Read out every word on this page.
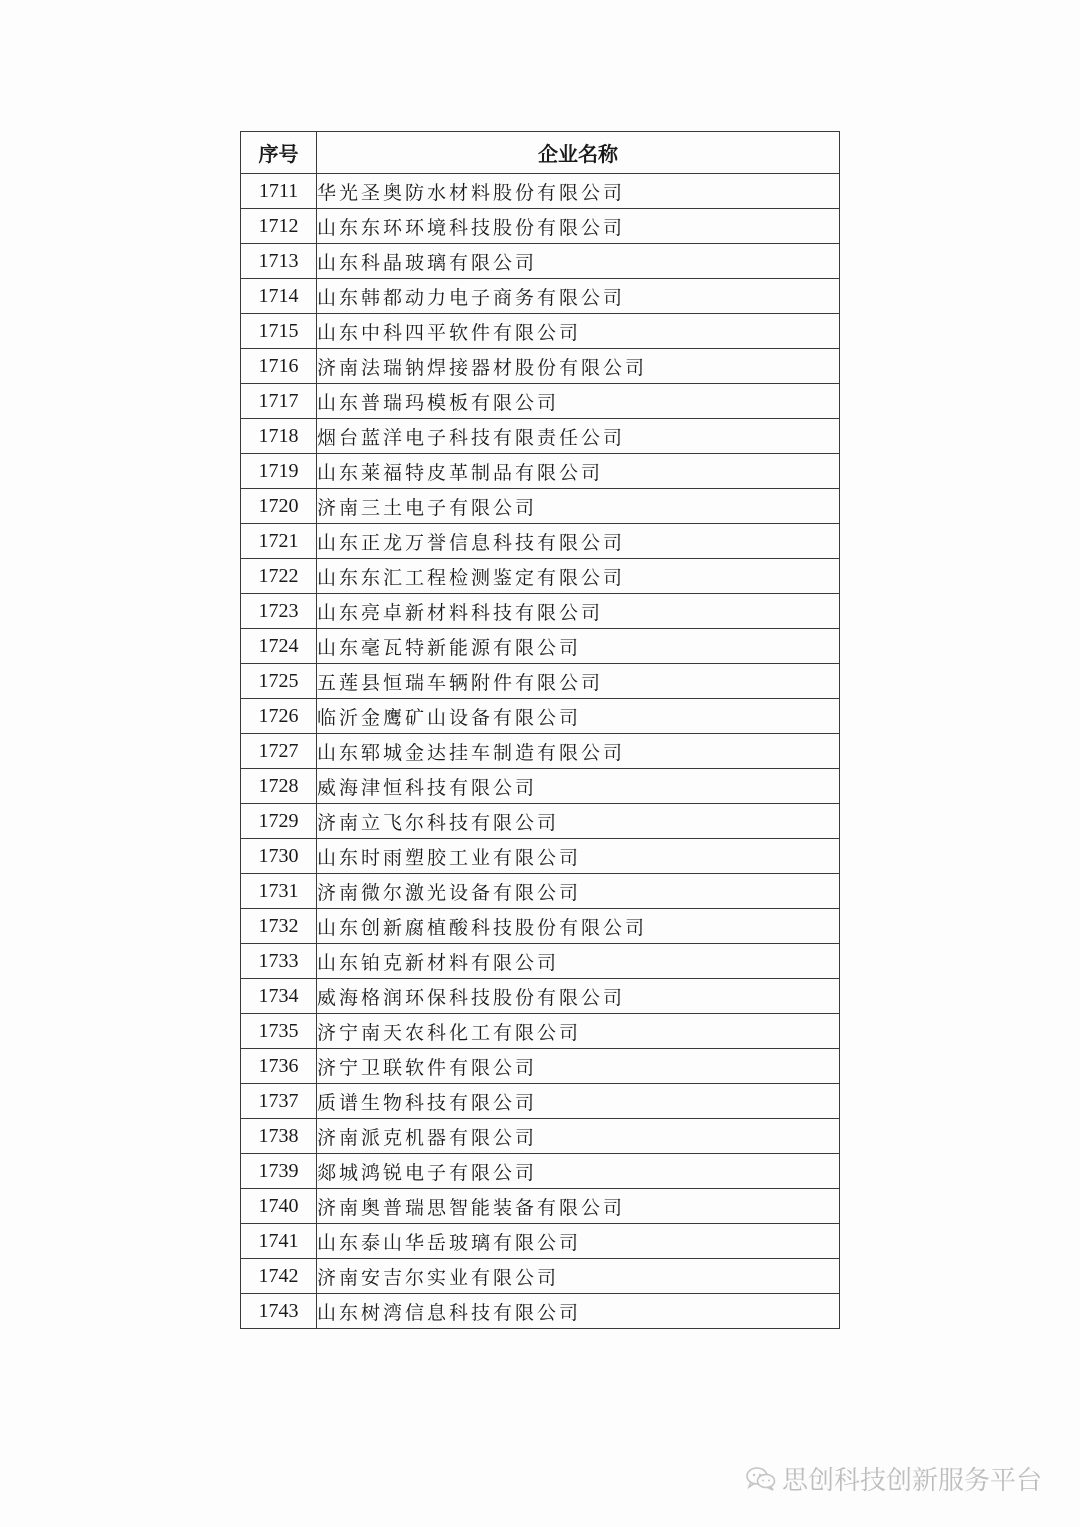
序号	企业名称
1711	华光圣奥防水材料股份有限公司
1712	山东东环环境科技股份有限公司
1713	山东科晶玻璃有限公司
1714	山东韩都动力电子商务有限公司
1715	山东中科四平软件有限公司
1716	济南法瑞钠焊接器材股份有限公司
1717	山东普瑞玛模板有限公司
1718	烟台蓝洋电子科技有限责任公司
1719	山东莱福特皮革制品有限公司
1720	济南三土电子有限公司
1721	山东正龙万誉信息科技有限公司
1722	山东东汇工程检测鉴定有限公司
1723	山东亮卓新材料科技有限公司
1724	山东毫瓦特新能源有限公司
1725	五莲县恒瑞车辆附件有限公司
1726	临沂金鹰矿山设备有限公司
1727	山东郓城金达挂车制造有限公司
1728	威海津恒科技有限公司
1729	济南立飞尔科技有限公司
1730	山东时雨塑胶工业有限公司
1731	济南微尔激光设备有限公司
1732	山东创新腐植酸科技股份有限公司
1733	山东铂克新材料有限公司
1734	威海格润环保科技股份有限公司
1735	济宁南天农科化工有限公司
1736	济宁卫联软件有限公司
1737	质谱生物科技有限公司
1738	济南派克机器有限公司
1739	郯城鸿锐电子有限公司
1740	济南奥普瑞思智能装备有限公司
1741	山东泰山华岳玻璃有限公司
1742	济南安吉尔实业有限公司
1743	山东树湾信息科技有限公司
思创科技创新服务平台
